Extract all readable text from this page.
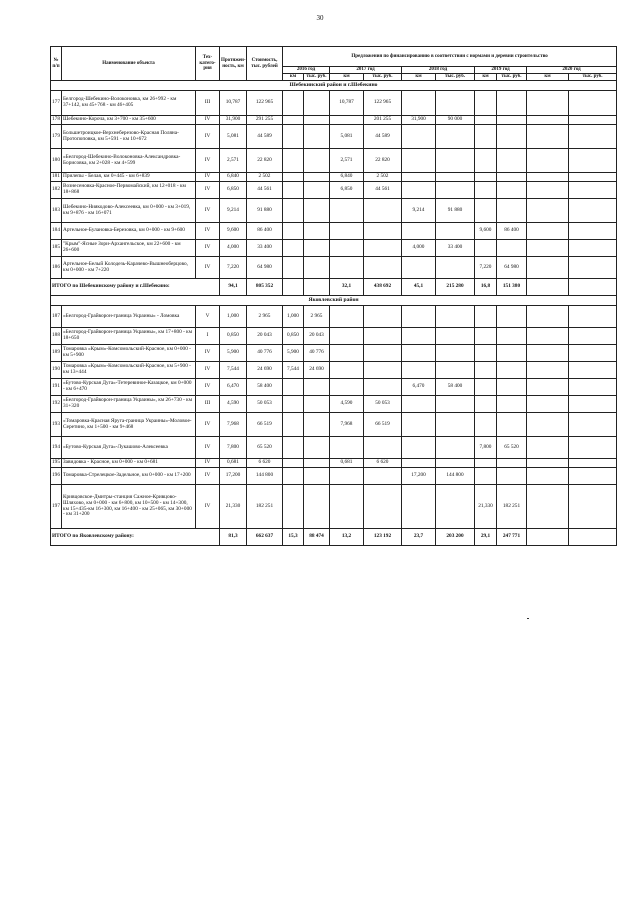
30
№ п/п	Наименование объекта	Тех-катего-рия	Протяжен-ность, км	Стоимость, тыс. рублей	Предложения по финансированию в соответствии с нормами и деревни строительство									
					2016 год		2017 год		2018 год		2019 год		2020 год	
					км	тыс. руб.	км	тыс. руб.	км	тыс. руб.	км	тыс. руб.	км	тыс. руб.
Шебекинский район и г.Шебекино														
177	Белгород-Шебекино-Волоконовка, км 26+992 - км 37+142, км 45+768 - км 46+405	III	10,787	122 965			10,787	122 965						
178	Шебекино-Короча, км 3+700 - км 35+600	IV	31,900	291 255				201 255	31,900	90 000				
179	Большетроицкое-Верхнеберезово-Красная Поляна-Протопоповка, км 5+591 - км 10+672	IV	5,081	44 589			5,081	44 589						
180	«Белгород-Шебекино-Волоконовка-Александровка-Борисовка, км 2+028 - км 4+599	IV	2,571	22 820			2,571	22 820						
181	Прилепы - Белая, км 0+445 - км 6+839	IV	6,840	2 502			6,840	2 502						
182	Вознесеновка-Красное-Первомайский, км 12+018 - км 18+868	IV	6,850	44 561			6,850	44 561						
183	Шебекино-Ниякодово-Алексеевка, км 0+000 - км 3+019, км 9+876 - км 16+071	IV	9,214	91 880					9,214	91 880				
184	Артельное-Булановка-Березовка, км 0+000 - км 9+600	IV	9,600	86 400							9,600	86 400		
185	"Крым"-Ясные Зори-Архангельское, км 22+600 - км 26+600	IV	4,000	33 400					4,000	33 400				
186	Артельное-Белый Колодезь-Карачево-Вышнеоберцово, км 0+000 - км 7+220	IV	7,220	64 980							7,220	64 980		
ИТОГО по Шебекинскому району и г.Шебекино:			94,1	805 352			32,1	438 692	45,1	215 280	16,8	151 380		
Яковлевский район														
187	«Белгород-Грайворон-граница Украины» - Ломовка	V	1,000	2 965	1,000	2 965								
188	«Белгород-Грайворон-граница Украины», км 17+800 - км 18+650	I	0,850	20 043	0,850	20 043								
189	Томаровка «Крым»-Комсомольский-Красное, км 0+000 - км 5+900	IV	5,900	40 776	5,900	40 776								
190	Томаровка «Крым»-Комсомольский-Красное, км 5+900 - км 13+444	IV	7,544	24 690	7,544	24 690								
191	«Бутово-Курская Дуга»-Тетеревиное-Казацкое, км 0+000 - км 6+470	IV	6,470	58 400					6,470	58 400				
192	«Белгород-Грайворон-граница Украины», км 26+730 - км 31+320	III	4,590	50 053			4,590	50 053						
193	«Томаровка-Красная Яруга-граница Украины»-Моловое-Серетино, км 1+500 - км 9+468	IV	7,968	66 519			7,968	66 519						
194	«Бутово-Курская Дуга»-Лукашово-Алексеевка	IV	7,800	65 520							7,800	65 520		
195	Завидовка - Красное, км 0+000 - км 0+681	IV	0,681	6 620			0,681	6 620						
196	Томаровка-Стрелецкое-Задельное, км 0+000 - км 17+200	IV	17,200	144 800					17,200	144 800				
197	Кривцовское-Дмитры-станция Сажное-Кривцово-Шляхово, км 0+000 - км 6+800, км 10+500 - км 14+300, км 15+435-км 16+300, км 16+400 - км 25+065, км 30+000 - км 31+200	IV	21,330	182 251							21,330	182 251		
ИТОГО по Яковлевскому району:			81,3	662 637	15,3	88 474	13,2	123 192	23,7	203 200	29,1	247 771		
